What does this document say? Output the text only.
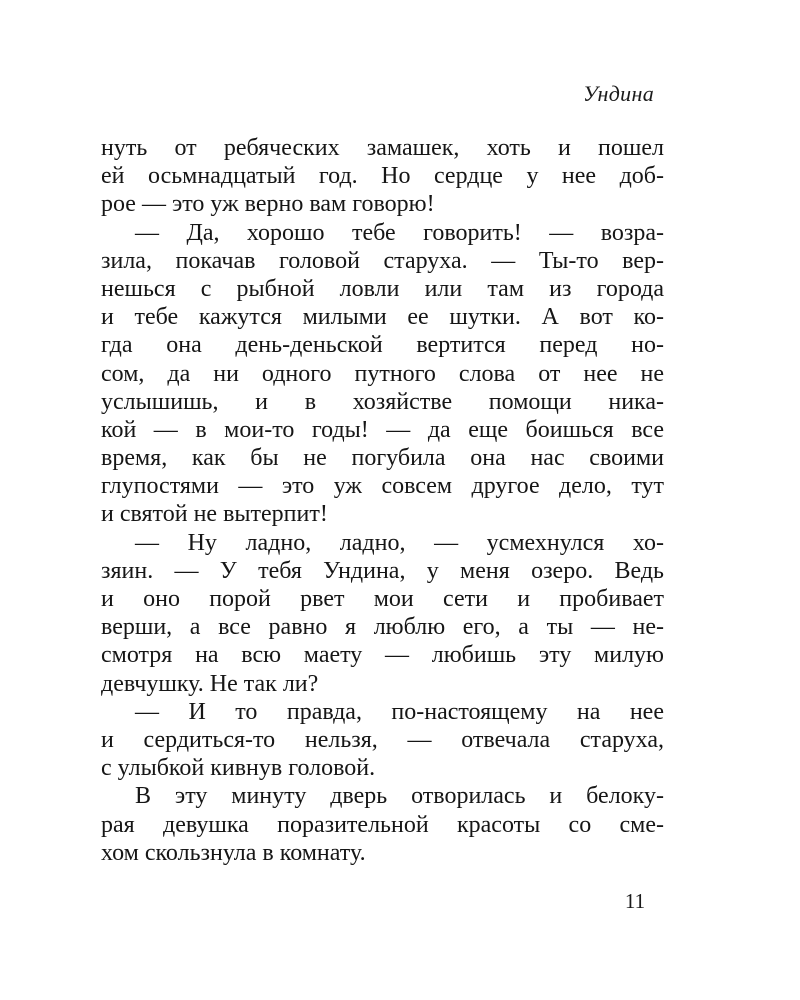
Ундина
нуть от ребяческих замашек, хоть и пошел
ей осьмнадцатый год. Но сердце у нее доб-
рое — это уж верно вам говорю!
— Да, хорошо тебе говорить! — возра-
зила, покачав головой старуха. — Ты-то вер-
нешься с рыбной ловли или там из города
и тебе кажутся милыми ее шутки. А вот ко-
гда она день-деньской вертится перед но-
сом, да ни одного путного слова от нее не
услышишь, и в хозяйстве помощи ника-
кой — в мои-то годы! — да еще боишься все
время, как бы не погубила она нас своими
глупостями — это уж совсем другое дело, тут
и святой не вытерпит!
— Ну ладно, ладно, — усмехнулся хо-
зяин. — У тебя Ундина, у меня озеро. Ведь
и оно порой рвет мои сети и пробивает
верши, а все равно я люблю его, а ты — не-
смотря на всю маету — любишь эту милую
девчушку. Не так ли?
— И то правда, по-настоящему на нее
и сердиться-то нельзя, — отвечала старуха,
с улыбкой кивнув головой.
В эту минуту дверь отворилась и белоку-
рая девушка поразительной красоты со сме-
хом скользнула в комнату.
11
